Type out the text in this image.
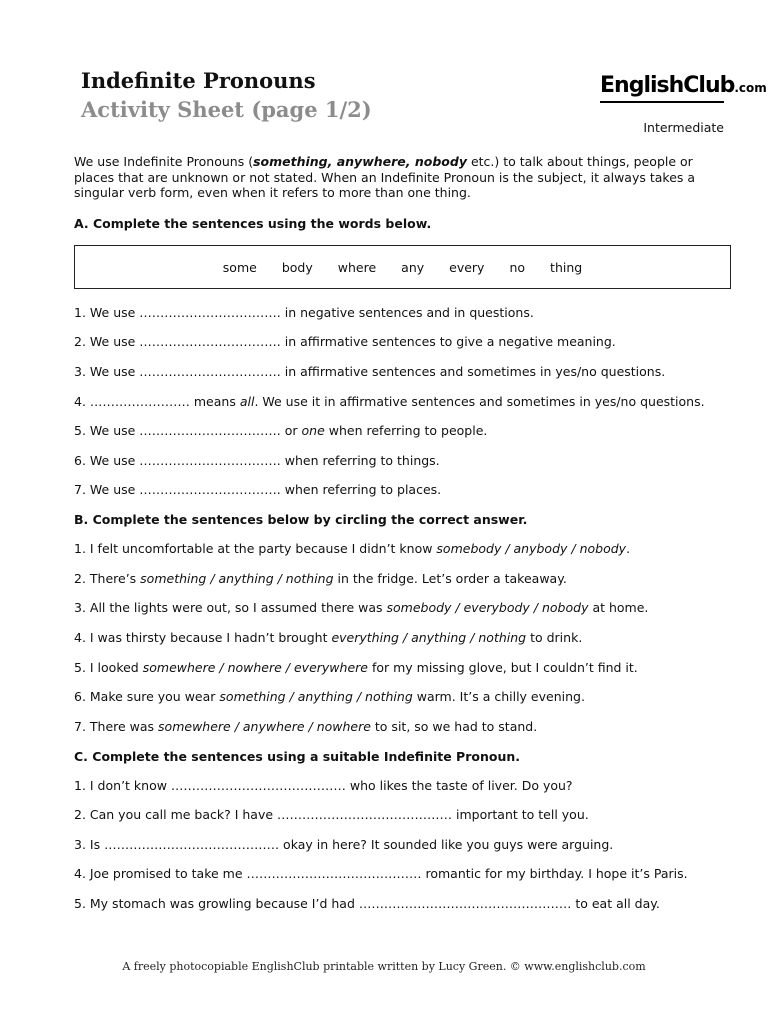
Indefinite Pronouns
Activity Sheet (page 1/2)
EnglishClub.com
Intermediate
We use Indefinite Pronouns (something, anywhere, nobody etc.) to talk about things, people or places that are unknown or not stated. When an Indefinite Pronoun is the subject, it always takes a singular verb form, even when it refers to more than one thing.
A. Complete the sentences using the words below.
some body where any every no thing
1. We use ……………………………. in negative sentences and in questions.
2. We use ……………………………. in affirmative sentences to give a negative meaning.
3. We use ……………………………. in affirmative sentences and sometimes in yes/no questions.
4. …………………… means all. We use it in affirmative sentences and sometimes in yes/no questions.
5. We use ……………………………. or one when referring to people.
6. We use ……………………………. when referring to things.
7. We use ……………………………. when referring to places.
B. Complete the sentences below by circling the correct answer.
1. I felt uncomfortable at the party because I didn’t know somebody / anybody / nobody.
2. There’s something / anything / nothing in the fridge. Let’s order a takeaway.
3. All the lights were out, so I assumed there was somebody / everybody / nobody at home.
4. I was thirsty because I hadn’t brought everything / anything / nothing to drink.
5. I looked somewhere / nowhere / everywhere for my missing glove, but I couldn’t find it.
6. Make sure you wear something / anything / nothing warm. It’s a chilly evening.
7. There was somewhere / anywhere / nowhere to sit, so we had to stand.
C. Complete the sentences using a suitable Indefinite Pronoun.
1. I don’t know …………………………………… who likes the taste of liver. Do you?
2. Can you call me back? I have …………………………………… important to tell you.
3. Is …………………………………… okay in here? It sounded like you guys were arguing.
4. Joe promised to take me …………………………………… romantic for my birthday. I hope it’s Paris.
5. My stomach was growling because I’d had …………………………………………… to eat all day.
A freely photocopiable EnglishClub printable written by Lucy Green. © www.englishclub.com
